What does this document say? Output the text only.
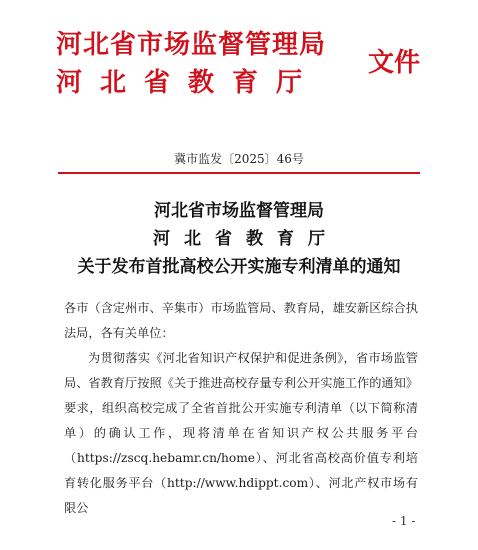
河北省市场监督管理局
河北省教育厅
文件
冀市监发〔2025〕46号
河北省市场监督管理局
河北省教育厅
关于发布首批高校公开实施专利清单的通知

各市（含定州市、辛集市）市场监管局、教育局，雄安新区综合执法局，各有关单位：

为贯彻落实《河北省知识产权保护和促进条例》，省市场监管局、省教育厅按照《关于推进高校存量专利公开实施工作的通知》要求，组织高校完成了全省首批公开实施专利清单（以下简称清单）的确认工作，现将清单在省知识产权公共服务平台（https://zscq.hebamr.cn/home）、河北省高校高价值专利培育转化服务平台（http://www.hdippt.com）、河北产权市场有限公

- 1 -
